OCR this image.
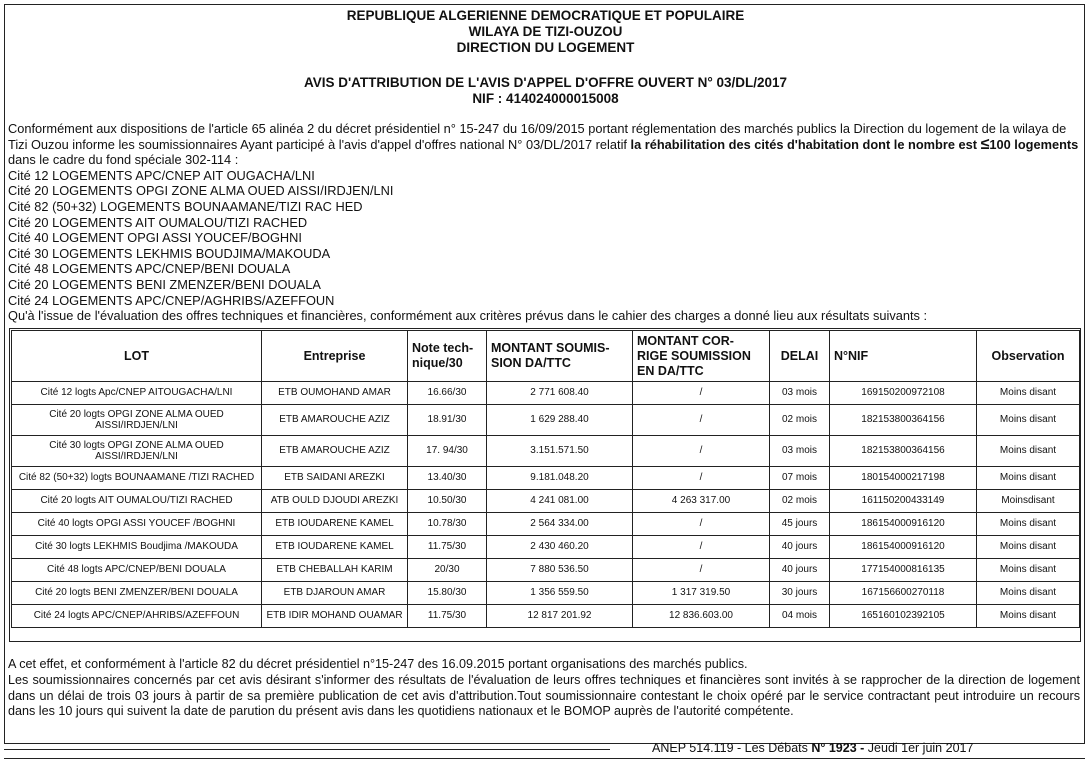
REPUBLIQUE ALGERIENNE DEMOCRATIQUE ET POPULAIRE
WILAYA DE TIZI-OUZOU
DIRECTION DU LOGEMENT
AVIS D'ATTRIBUTION DE L'AVIS D'APPEL D'OFFRE OUVERT N° 03/DL/2017
NIF : 414024000015008

Conformément aux dispositions de l'article 65 alinéa 2 du décret présidentiel n° 15-247 du 16/09/2015 portant réglementation des marchés publics la Direction du logement de la wilaya de Tizi Ouzou informe les soumissionnaires Ayant participé à l'avis d'appel d'offres national N° 03/DL/2017 relatif la réhabilitation des cités d'habitation dont le nombre est ≤100 logements dans le cadre du fond spéciale 302-114 :

Cité 12 LOGEMENTS APC/CNEP AIT OUGACHA/LNI
Cité 20 LOGEMENTS OPGI ZONE ALMA OUED AISSI/IRDJEN/LNI
Cité 82 (50+32) LOGEMENTS BOUNAAMANE/TIZI RAC HED
Cité 20 LOGEMENTS AIT OUMALOU/TIZI RACHED
Cité 40 LOGEMENT OPGI ASSI YOUCEF/BOGHNI
Cité 30 LOGEMENTS LEKHMIS BOUDJIMA/MAKOUDA
Cité 48 LOGEMENTS APC/CNEP/BENI DOUALA
Cité 20 LOGEMENTS BENI ZMENZER/BENI DOUALA
Cité 24 LOGEMENTS APC/CNEP/AGHRIBS/AZEFFOUN

Qu'à l'issue de l'évaluation des offres techniques et financières, conformément aux critères prévus dans le cahier des charges a donné lieu aux résultats suivants :

LOT	Entreprise	Note tech-
nique/30	MONTANT SOUMIS-
SION DA/TTC	MONTANT COR-
RIGE SOUMISSION
EN DA/TTC	DELAI	N°NIF	Observation
Cité 12 logts Apc/CNEP AITOUGACHA/LNI	ETB OUMOHAND AMAR	16.66/30	2 771 608.40	/	03 mois	169150200972108	Moins disant
Cité 20 logts OPGI ZONE ALMA OUED AISSI/IRDJEN/LNI	ETB AMAROUCHE AZIZ	18.91/30	1 629 288.40	/	02 mois	182153800364156	Moins disant
Cité 30 logts OPGI ZONE ALMA OUED AISSI/IRDJEN/LNI	ETB AMAROUCHE AZIZ	17. 94/30	3.151.571.50	/	03 mois	182153800364156	Moins disant
Cité 82 (50+32) logts BOUNAAMANE /TIZI RACHED	ETB SAIDANI AREZKI	13.40/30	9.181.048.20	/	07 mois	180154000217198	Moins disant
Cité 20 logts AIT OUMALOU/TIZI RACHED	ATB OULD DJOUDI AREZKI	10.50/30	4 241 081.00	4 263 317.00	02 mois	161150200433149	Moinsdisant
Cité 40 logts OPGI ASSI YOUCEF /BOGHNI	ETB IOUDARENE KAMEL	10.78/30	2 564 334.00	/	45 jours	186154000916120	Moins disant
Cité 30 logts LEKHMIS Boudjima /MAKOUDA	ETB IOUDARENE KAMEL	11.75/30	2 430 460.20	/	40 jours	186154000916120	Moins disant
Cité 48 logts APC/CNEP/BENI DOUALA	ETB CHEBALLAH KARIM	20/30	7 880 536.50	/	40 jours	177154000816135	Moins disant
Cité 20 logts BENI ZMENZER/BENI DOUALA	ETB DJAROUN AMAR	15.80/30	1 356 559.50	1 317 319.50	30 jours	167156600270118	Moins disant
Cité 24 logts APC/CNEP/AHRIBS/AZEFFOUN	ETB IDIR MOHAND OUAMAR	11.75/30	12 817 201.92	12 836.603.00	04 mois	165160102392105	Moins disant

A cet effet, et conformément à l'article 82 du décret présidentiel n°15-247 des 16.09.2015 portant organisations des marchés publics.

Les soumissionnaires concernés par cet avis désirant s'informer des résultats de l'évaluation de leurs offres techniques et financières sont invités à se rapprocher de la direction de logement dans un délai de trois 03 jours à partir de sa première publication de cet avis d'attribution.Tout soumissionnaire contestant le choix opéré par le service contractant peut introduire un recours dans les 10 jours qui suivent la date de parution du présent avis dans les quotidiens nationaux et le BOMOP auprès de l'autorité compétente.

ANEP 514.119 - Les Débats N° 1923 - Jeudi 1er juin 2017
